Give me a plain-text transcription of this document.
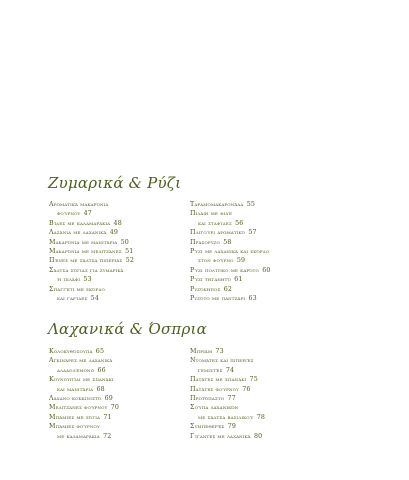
Ζυμαρικά & Ρύζι
Αρωματικά μακαρόνια
φούρνου  47
Βίδες με καλαμαράκια  48
Λαζάνια με λαχανικά  49
Μακαρόνια με μανιτάρια  50
Μακαρόνια με μελιτζάνες  51
Πένες με σάλτσα πιπεριάς  52
Σάλτσα σόγιας για ζυμαρικά
ή πιλάφι  53
Σπαγγέτι με σκόρδο
και γαρίδες  54
Ταραμομακαρονάδα  55
Πιλάφι με φιδέ
και σταφίδες  56
Πλιγούρι αρωματικό  57
Πράσορυζο  58
Ρύζι με λαχανικά και σκόρδο
στον φούρνο  59
Ρύζι πολίτικο με καρότο  60
Ρύζι τηγανητό  61
Ρυζόκηπος  62
Ρυζότο με παντζάρι  63
Λαχανικά & Όσπρια
Κολοκυθόσουπα  65
Αγκινάρες με λαχανικά
αλαδολέμονο  66
Κουνουπίδι με σπανάκι
και μανιτάρια  68
Λάχανο κοκκινιστό  69
Μελιτζάνες φούρνου  70
Μπάμιες με σόγια  71
Μπάμιες φούρνου
με καλαμαράκια  72
Μπριάμ  73
Ντομάτες και πιπεριές
γεμιστές  74
Πατάτες με σπανάκι  75
Πατάτες φούρνου  76
Πρωτόπαστο  77
Σούπα λαχανικών
με σάλτσα βασιλικού  78
Συμπεθερές  79
Γίγαντες με λαχανικά  80
